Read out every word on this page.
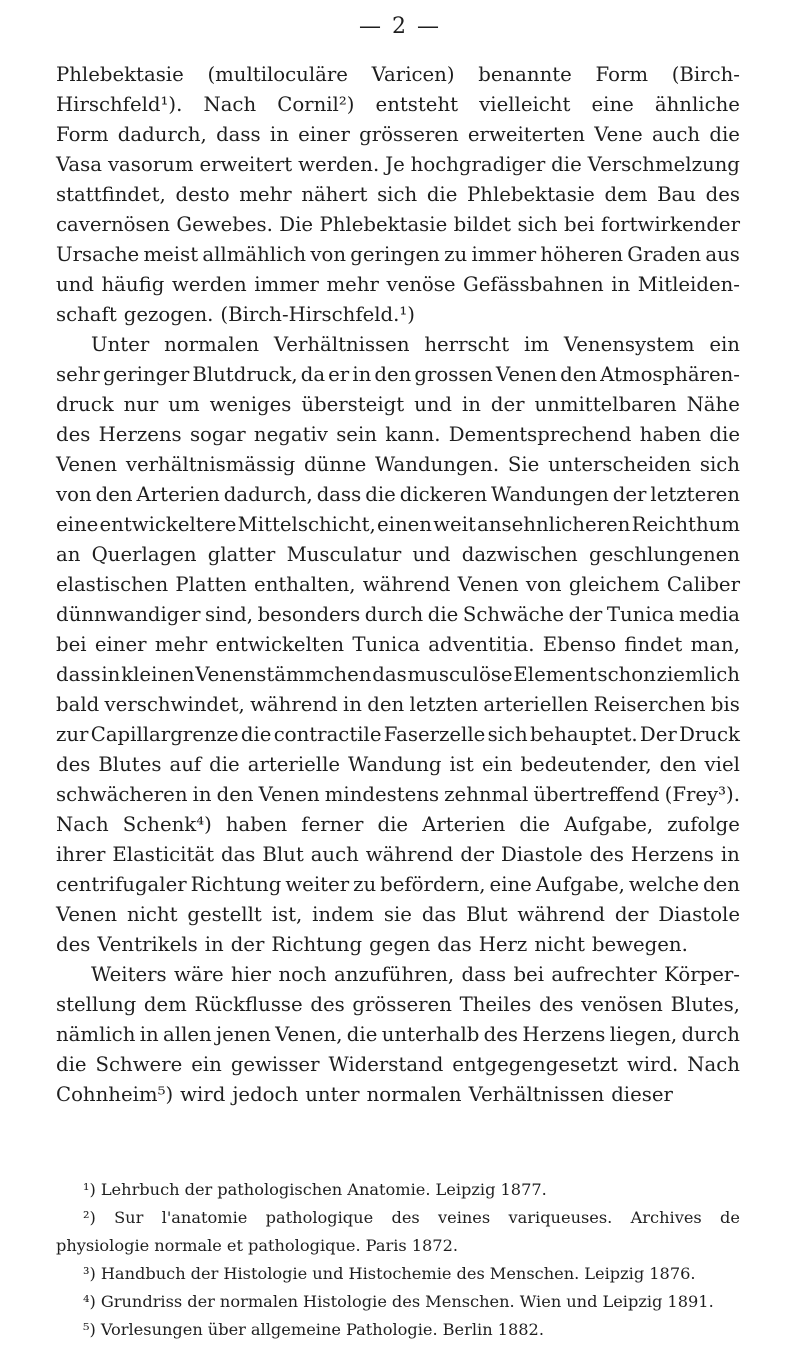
— 2 —
Phlebektasie (multiloculäre Varicen) benannte Form (Birch-
Hirschfeld¹). Nach Cornil²) entsteht vielleicht eine ähnliche
Form dadurch, dass in einer grösseren erweiterten Vene auch die
Vasa vasorum erweitert werden. Je hochgradiger die Verschmelzung
stattfindet, desto mehr nähert sich die Phlebektasie dem Bau des
cavernösen Gewebes. Die Phlebektasie bildet sich bei fortwirkender
Ursache meist allmählich von geringen zu immer höheren Graden aus
und häufig werden immer mehr venöse Gefässbahnen in Mitleiden-
schaft gezogen. (Birch-Hirschfeld.¹)
Unter normalen Verhältnissen herrscht im Venensystem ein
sehr geringer Blutdruck, da er in den grossen Venen den Atmosphären-
druck nur um weniges übersteigt und in der unmittelbaren Nähe
des Herzens sogar negativ sein kann. Dementsprechend haben die
Venen verhältnismässig dünne Wandungen. Sie unterscheiden sich
von den Arterien dadurch, dass die dickeren Wandungen der letzteren
eine entwickeltere Mittelschicht, einen weit ansehnlicheren Reichthum
an Querlagen glatter Musculatur und dazwischen geschlungenen
elastischen Platten enthalten, während Venen von gleichem Caliber
dünnwandiger sind, besonders durch die Schwäche der Tunica media
bei einer mehr entwickelten Tunica adventitia. Ebenso findet man,
dass in kleinen Venenstämmchen das musculöse Element schon ziemlich
bald verschwindet, während in den letzten arteriellen Reiserchen bis
zur Capillargrenze die contractile Faserzelle sich behauptet. Der Druck
des Blutes auf die arterielle Wandung ist ein bedeutender, den viel
schwächeren in den Venen mindestens zehnmal übertreffend (Frey³).
Nach Schenk⁴) haben ferner die Arterien die Aufgabe, zufolge
ihrer Elasticität das Blut auch während der Diastole des Herzens in
centrifugaler Richtung weiter zu befördern, eine Aufgabe, welche den
Venen nicht gestellt ist, indem sie das Blut während der Diastole
des Ventrikels in der Richtung gegen das Herz nicht bewegen.
Weiters wäre hier noch anzuführen, dass bei aufrechter Körper-
stellung dem Rückflusse des grösseren Theiles des venösen Blutes,
nämlich in allen jenen Venen, die unterhalb des Herzens liegen, durch
die Schwere ein gewisser Widerstand entgegengesetzt wird. Nach
Cohnheim⁵) wird jedoch unter normalen Verhältnissen dieser
¹) Lehrbuch der pathologischen Anatomie. Leipzig 1877.
²) Sur l'anatomie pathologique des veines variqueuses. Archives de
physiologie normale et pathologique. Paris 1872.
³) Handbuch der Histologie und Histochemie des Menschen. Leipzig 1876.
⁴) Grundriss der normalen Histologie des Menschen. Wien und Leipzig 1891.
⁵) Vorlesungen über allgemeine Pathologie. Berlin 1882.
